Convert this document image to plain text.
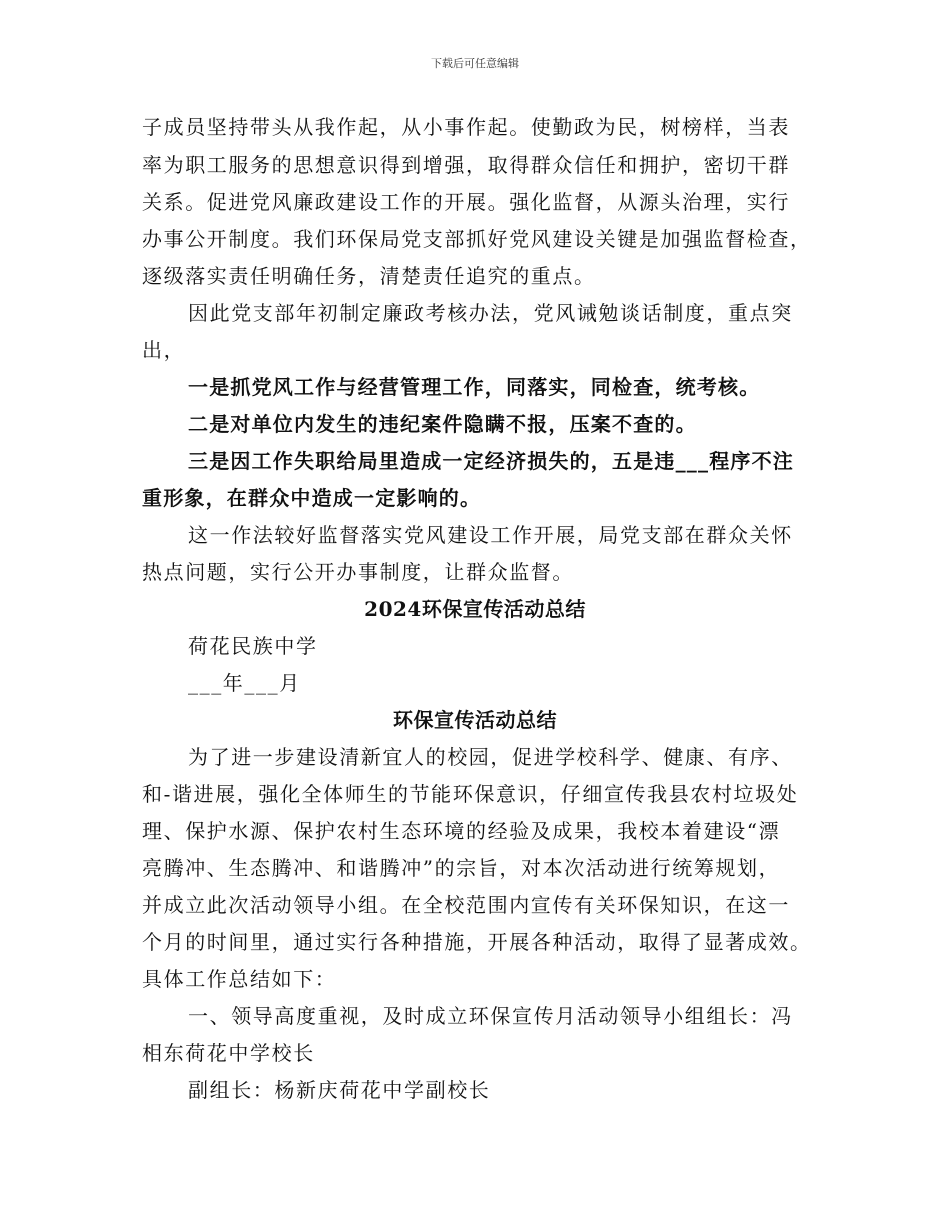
下载后可任意编辑
子成员坚持带头从我作起，从小事作起。使勤政为民，树榜样，当表
率为职工服务的思想意识得到增强，取得群众信任和拥护，密切干群
关系。促进党风廉政建设工作的开展。强化监督，从源头治理，实行
办事公开制度。我们环保局党支部抓好党风建设关键是加强监督检查，
逐级落实责任明确任务，清楚责任追究的重点。
因此党支部年初制定廉政考核办法，党风诫勉谈话制度，重点突
出，
一是抓党风工作与经营管理工作，同落实，同检查，统考核。
二是对单位内发生的违纪案件隐瞒不报，压案不查的。
三是因工作失职给局里造成一定经济损失的，五是违___程序不注
重形象，在群众中造成一定影响的。
这一作法较好监督落实党风建设工作开展，局党支部在群众关怀
热点问题，实行公开办事制度，让群众监督。
2024环保宣传活动总结
荷花民族中学
___年___月
环保宣传活动总结
为了进一步建设清新宜人的校园，促进学校科学、健康、有序、
和-谐进展，强化全体师生的节能环保意识，仔细宣传我县农村垃圾处
理、保护水源、保护农村生态环境的经验及成果，我校本着建设“漂
亮腾冲、生态腾冲、和谐腾冲”的宗旨，对本次活动进行统筹规划，
并成立此次活动领导小组。在全校范围内宣传有关环保知识，在这一
个月的时间里，通过实行各种措施，开展各种活动，取得了显著成效。
具体工作总结如下：
一、领导高度重视，及时成立环保宣传月活动领导小组组长：冯
相东荷花中学校长
副组长：杨新庆荷花中学副校长
